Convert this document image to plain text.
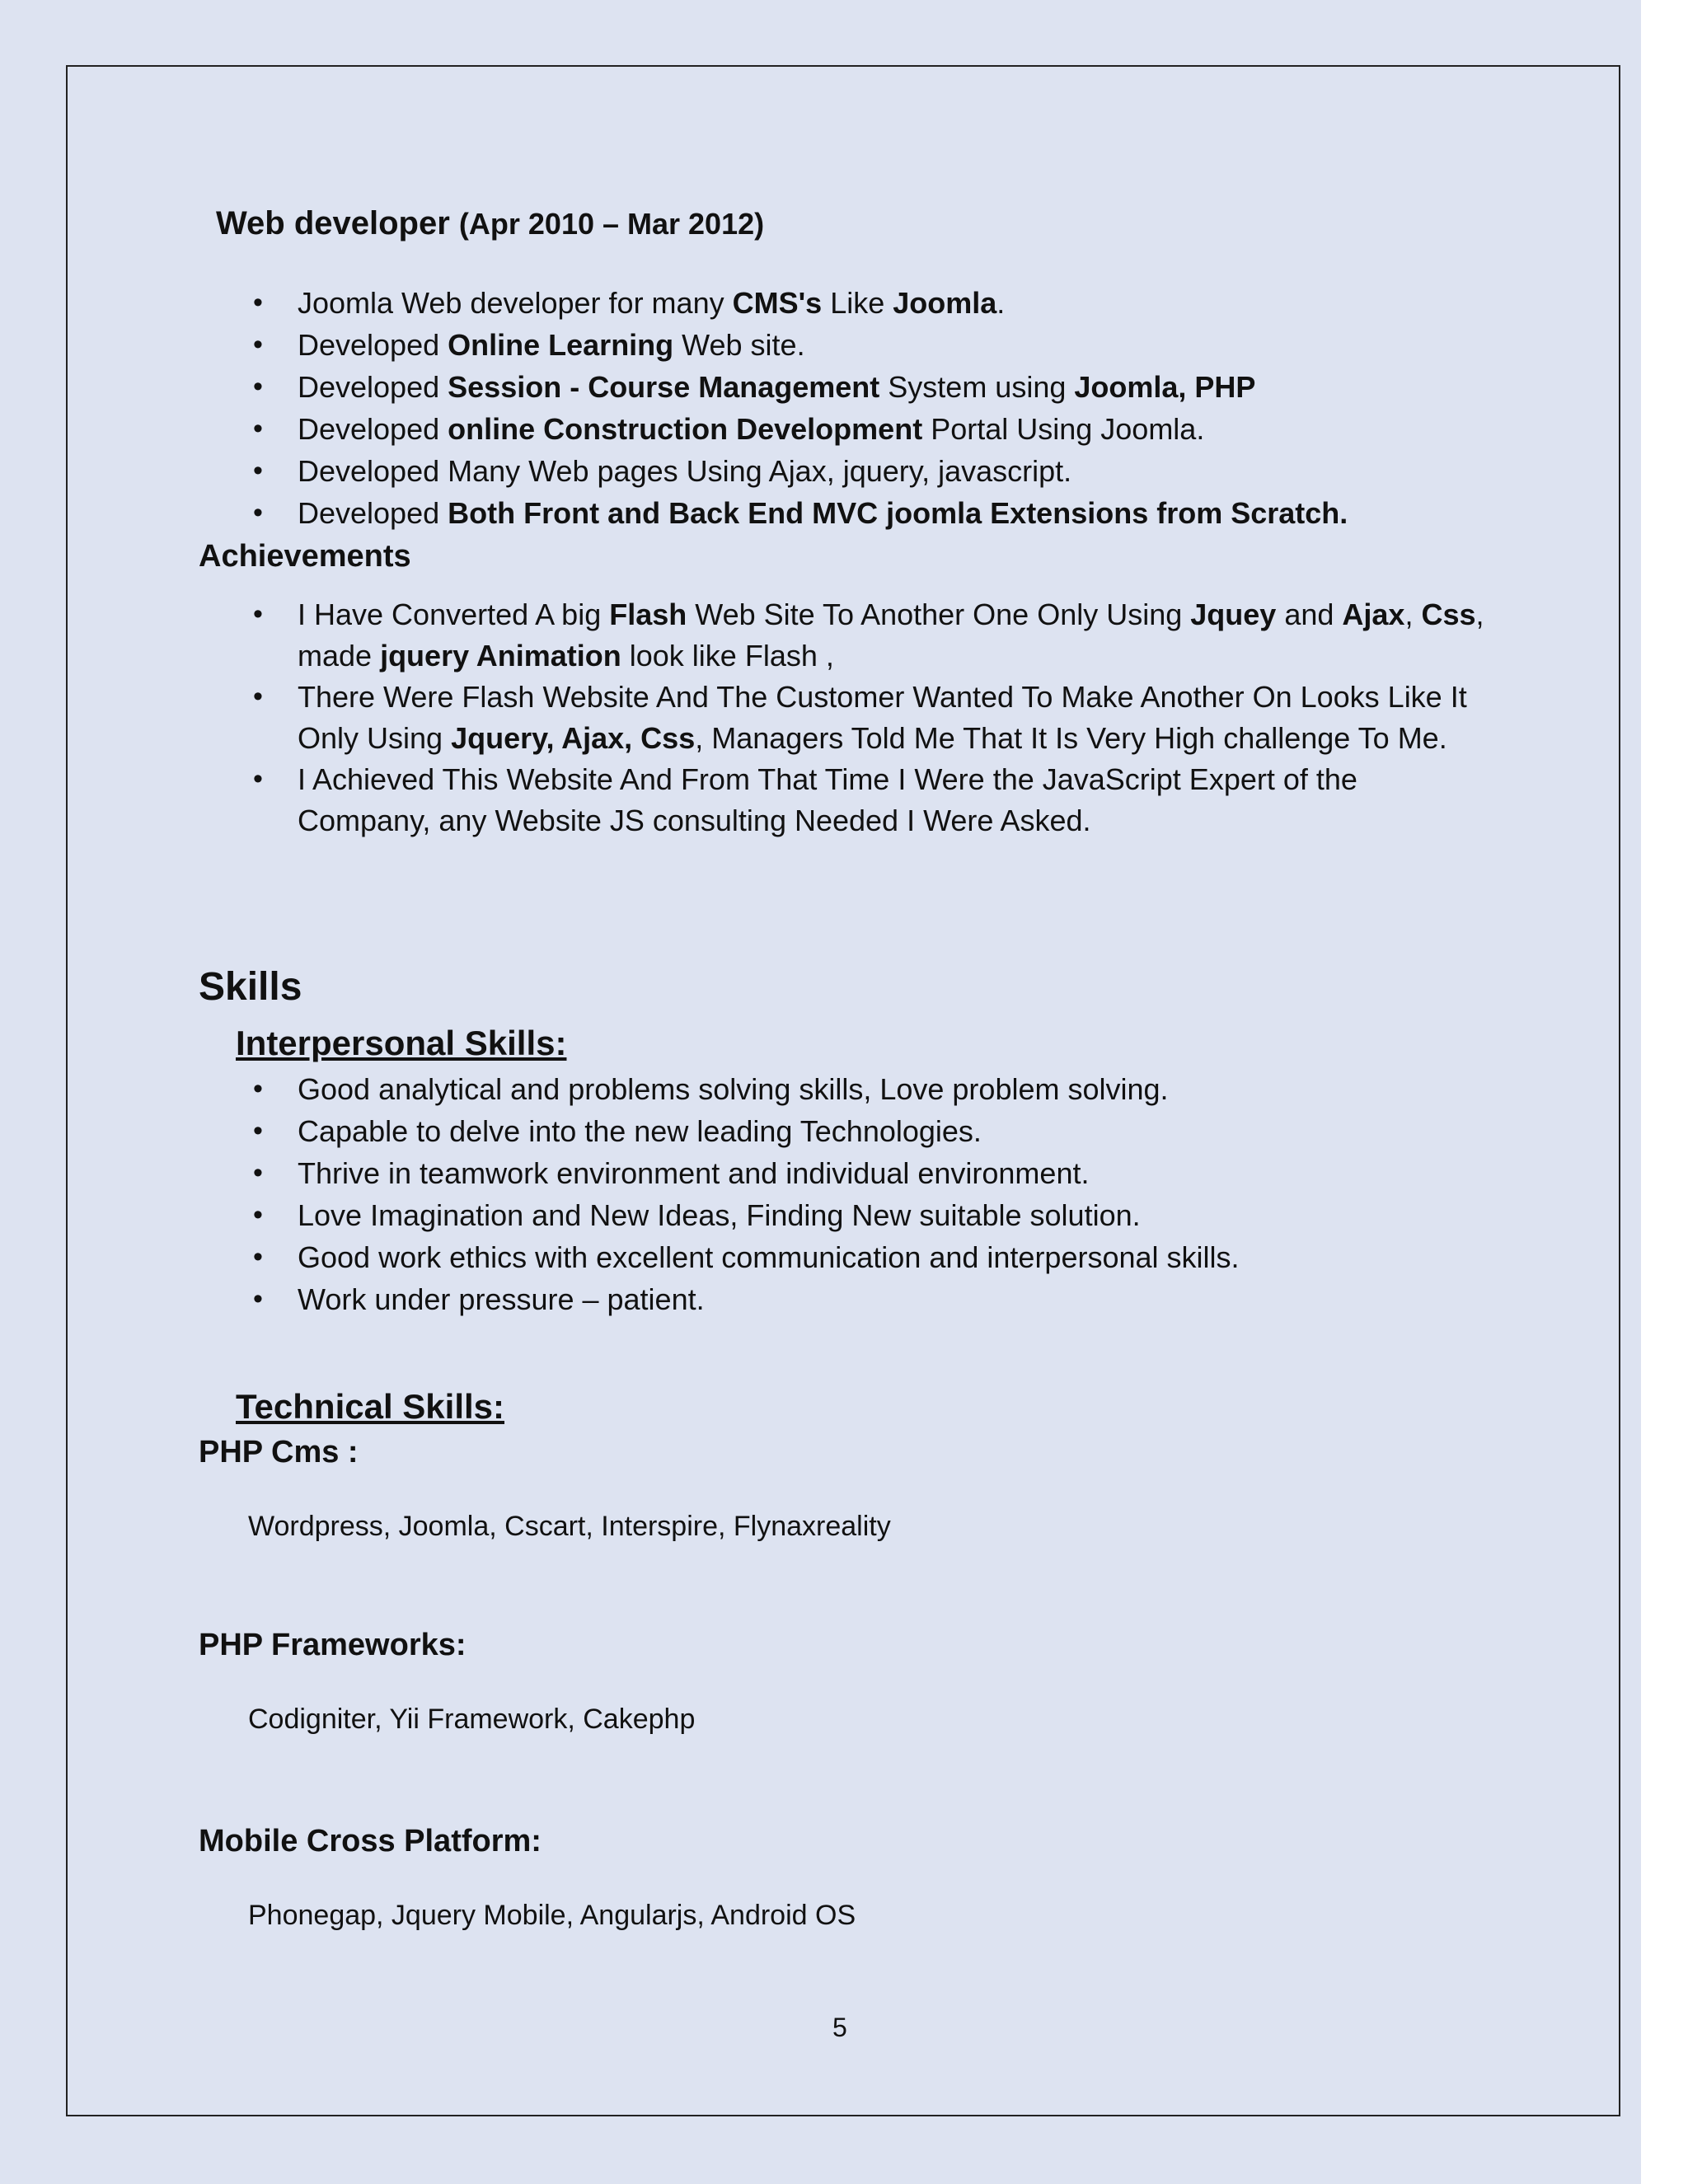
Web developer (Apr 2010 – Mar 2012)
• Joomla Web developer for many CMS's Like Joomla.
• Developed Online Learning Web site.
• Developed Session - Course Management System using Joomla, PHP
• Developed online Construction Development Portal Using Joomla.
• Developed Many Web pages Using Ajax, jquery, javascript.
• Developed Both Front and Back End MVC joomla Extensions from Scratch.
Achievements
• I Have Converted A big Flash Web Site To Another One Only Using Jquey and Ajax, Css,
made jquery Animation look like Flash ,
• There Were Flash Website And The Customer Wanted To Make Another On Looks Like It
Only Using Jquery, Ajax, Css, Managers Told Me That It Is Very High challenge To Me.
• I Achieved This Website And From That Time I Were the JavaScript Expert of the
Company, any Website JS consulting Needed I Were Asked.
Skills
Interpersonal Skills:
• Good analytical and problems solving skills, Love problem solving.
• Capable to delve into the new leading Technologies.
• Thrive in teamwork environment and individual environment.
• Love Imagination and New Ideas, Finding New suitable solution.
• Good work ethics with excellent communication and interpersonal skills.
• Work under pressure – patient.
Technical Skills:
PHP Cms :
Wordpress, Joomla, Cscart, Interspire, Flynaxreality
PHP Frameworks:
Codigniter, Yii Framework, Cakephp
Mobile Cross Platform:
Phonegap, Jquery Mobile, Angularjs, Android OS
5
